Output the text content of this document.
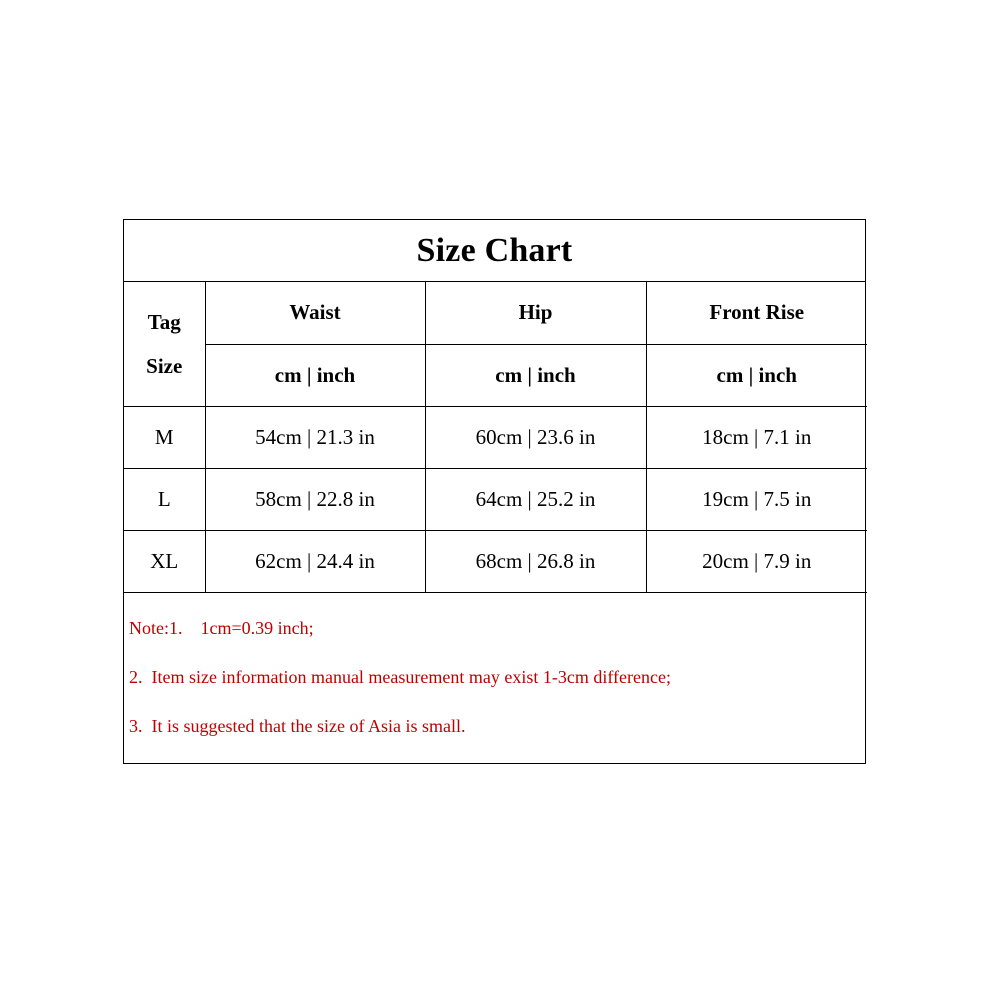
Size Chart
Tag
Size	Waist	Hip	Front Rise
	cm | inch	cm | inch	cm | inch
M	54cm | 21.3 in	60cm | 23.6 in	18cm | 7.1 in
L	58cm | 22.8 in	64cm | 25.2 in	19cm | 7.5 in
XL	62cm | 24.4 in	68cm | 26.8 in	20cm | 7.9 in
Note:1.    1cm=0.39 inch;
2.  Item size information manual measurement may exist 1-3cm difference;
3.  It is suggested that the size of Asia is small.
